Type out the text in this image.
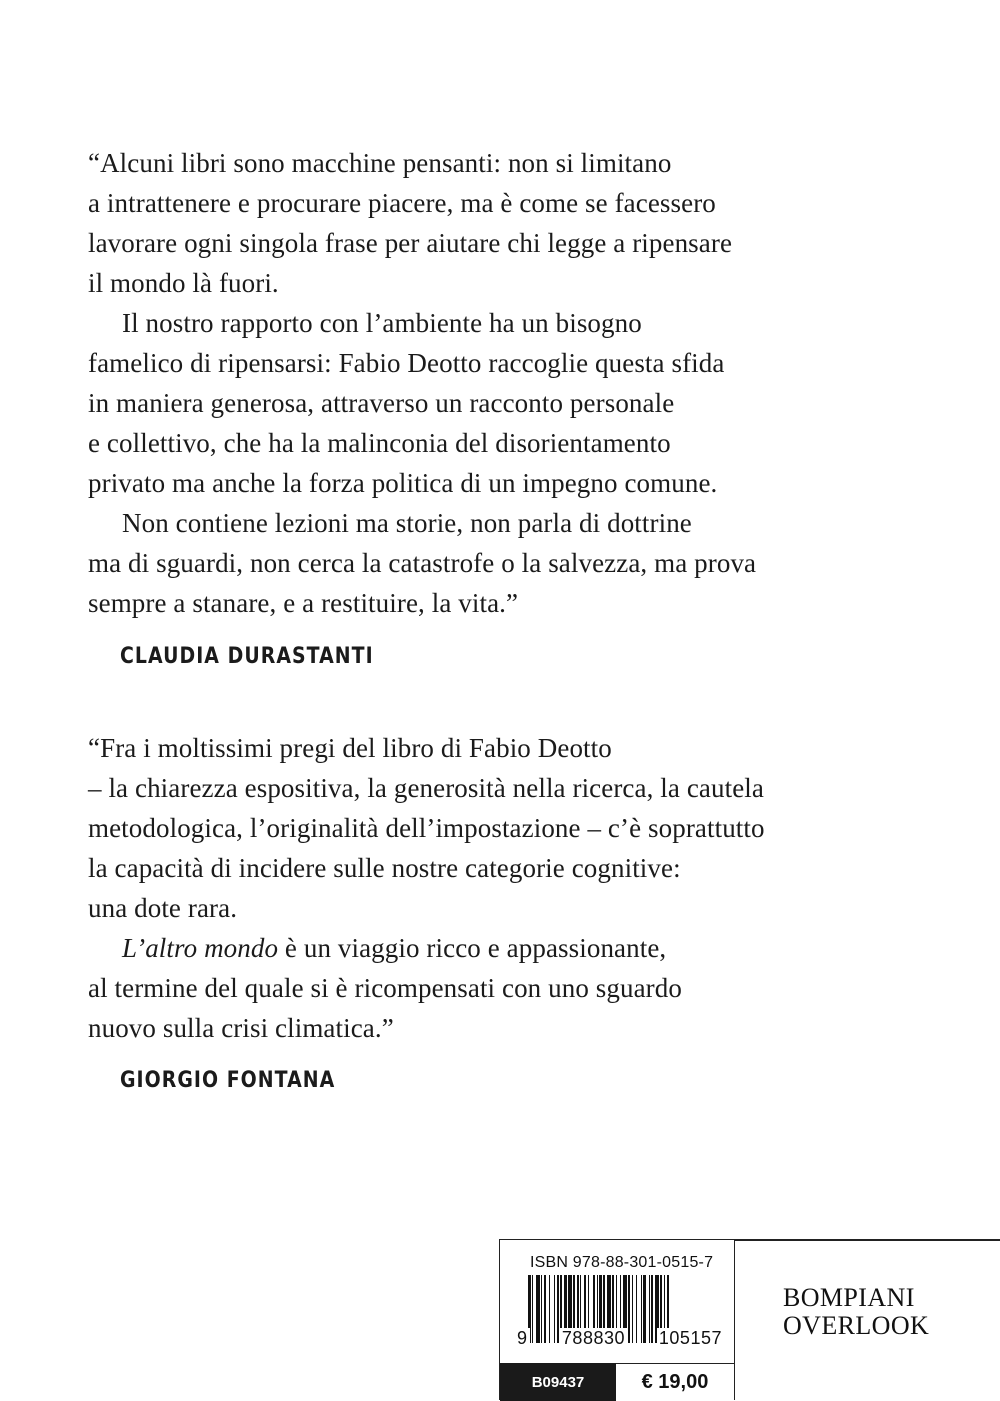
“Alcuni libri sono macchine pensanti: non si limitano
a intrattenere e procurare piacere, ma è come se facessero
lavorare ogni singola frase per aiutare chi legge a ripensare
il mondo là fuori.

Il nostro rapporto con l’ambiente ha un bisogno
famelico di ripensarsi: Fabio Deotto raccoglie questa sfida
in maniera generosa, attraverso un racconto personale
e collettivo, che ha la malinconia del disorientamento
privato ma anche la forza politica di un impegno comune.

Non contiene lezioni ma storie, non parla di dottrine
ma di sguardi, non cerca la catastrofe o la salvezza, ma prova
sempre a stanare, e a restituire, la vita.”

CLAUDIA DURASTANTI

“Fra i moltissimi pregi del libro di Fabio Deotto
– la chiarezza espositiva, la generosità nella ricerca, la cautela
metodologica, l’originalità dell’impostazione – c’è soprattutto
la capacità di incidere sulle nostre categorie cognitive:
una dote rara.

L’altro mondo è un viaggio ricco e appassionante,
al termine del quale si è ricompensati con uno sguardo
nuovo sulla crisi climatica.”

GIORGIO FONTANA
ISBN 978-88-301-0515-7
9 788830 105157
B09437	€ 19,00
BOMPIANI
OVERLOOK
